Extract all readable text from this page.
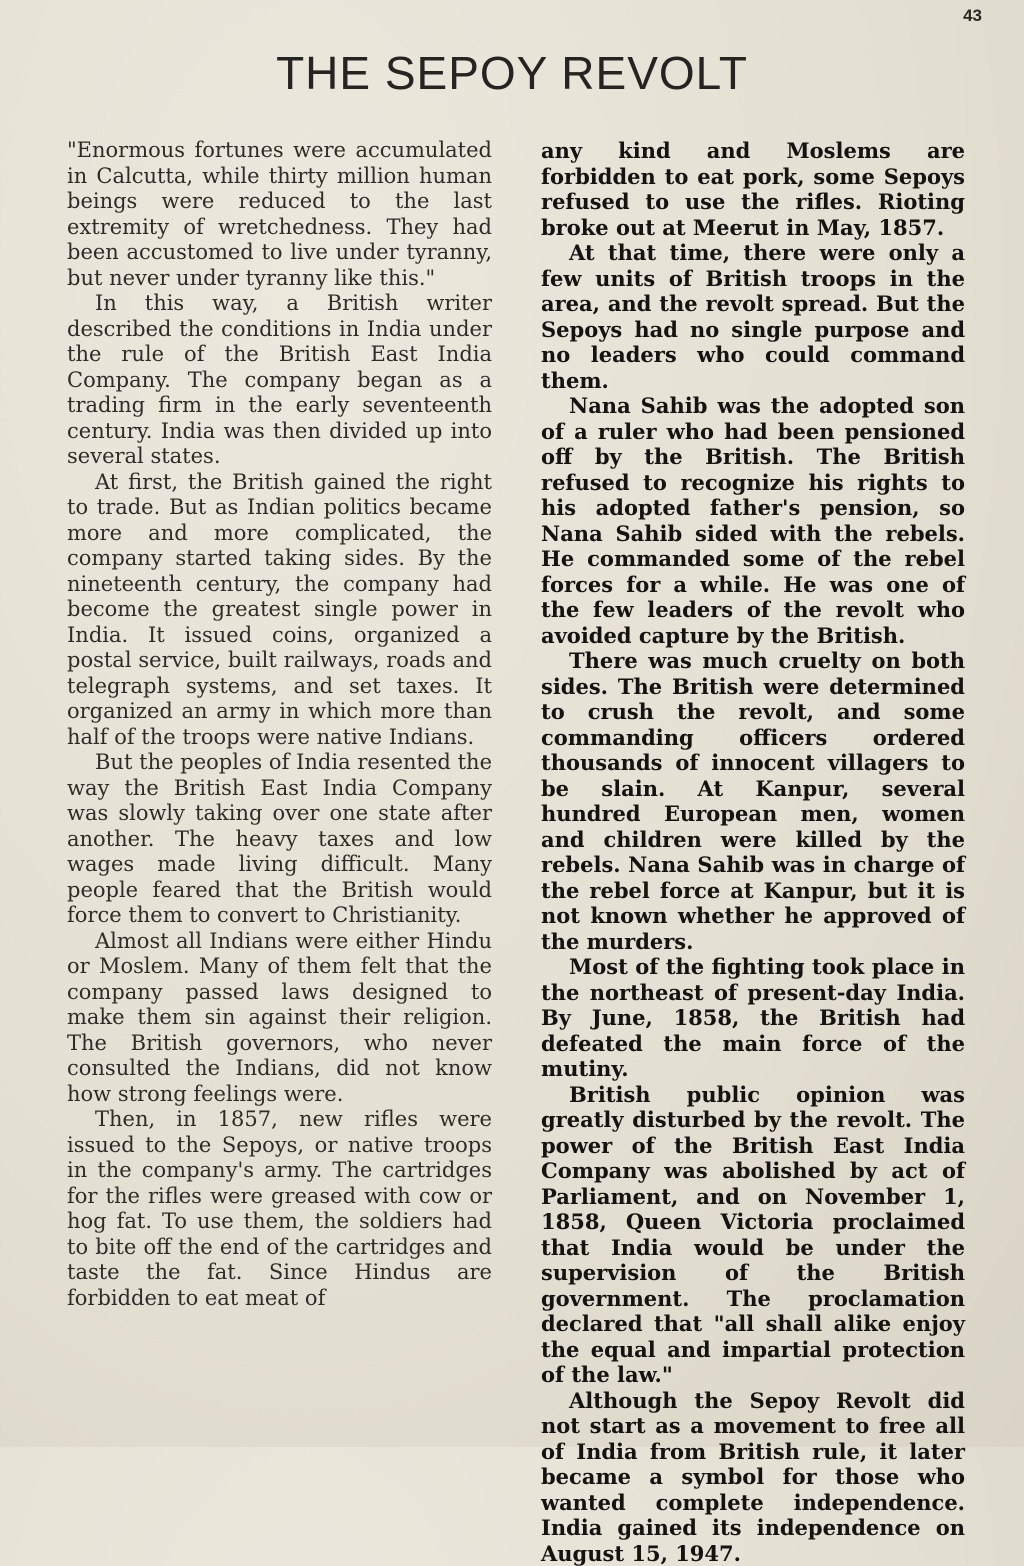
43
THE SEPOY REVOLT

"Enormous fortunes were accumulated in Calcutta, while thirty million human beings were reduced to the last extremity of wretchedness. They had been accustomed to live under tyranny, but never under tyranny like this."

In this way, a British writer described the conditions in India under the rule of the British East India Company. The company began as a trading firm in the early seventeenth century. India was then divided up into several states.

At first, the British gained the right to trade. But as Indian politics became more and more complicated, the company started taking sides. By the nineteenth century, the company had become the greatest single power in India. It issued coins, organized a postal service, built railways, roads and telegraph systems, and set taxes. It organized an army in which more than half of the troops were native Indians.

But the peoples of India resented the way the British East India Company was slowly taking over one state after another. The heavy taxes and low wages made living difficult. Many people feared that the British would force them to convert to Christianity.

Almost all Indians were either Hindu or Moslem. Many of them felt that the company passed laws designed to make them sin against their religion. The British governors, who never consulted the Indians, did not know how strong feelings were.

Then, in 1857, new rifles were issued to the Sepoys, or native troops in the company's army. The cartridges for the rifles were greased with cow or hog fat. To use them, the soldiers had to bite off the end of the cartridges and taste the fat. Since Hindus are forbidden to eat meat of

any kind and Moslems are forbidden to eat pork, some Sepoys refused to use the rifles. Rioting broke out at Meerut in May, 1857.

At that time, there were only a few units of British troops in the area, and the revolt spread. But the Sepoys had no single purpose and no leaders who could command them.

Nana Sahib was the adopted son of a ruler who had been pensioned off by the British. The British refused to recognize his rights to his adopted father's pension, so Nana Sahib sided with the rebels. He commanded some of the rebel forces for a while. He was one of the few leaders of the revolt who avoided capture by the British.

There was much cruelty on both sides. The British were determined to crush the revolt, and some commanding officers ordered thousands of innocent villagers to be slain. At Kanpur, several hundred European men, women and children were killed by the rebels. Nana Sahib was in charge of the rebel force at Kanpur, but it is not known whether he approved of the murders.

Most of the fighting took place in the northeast of present-day India. By June, 1858, the British had defeated the main force of the mutiny.

British public opinion was greatly disturbed by the revolt. The power of the British East India Company was abolished by act of Parliament, and on November 1, 1858, Queen Victoria proclaimed that India would be under the supervision of the British government. The proclamation declared that "all shall alike enjoy the equal and impartial protection of the law."

Although the Sepoy Revolt did not start as a movement to free all of India from British rule, it later became a symbol for those who wanted complete independence. India gained its independence on August 15, 1947.
